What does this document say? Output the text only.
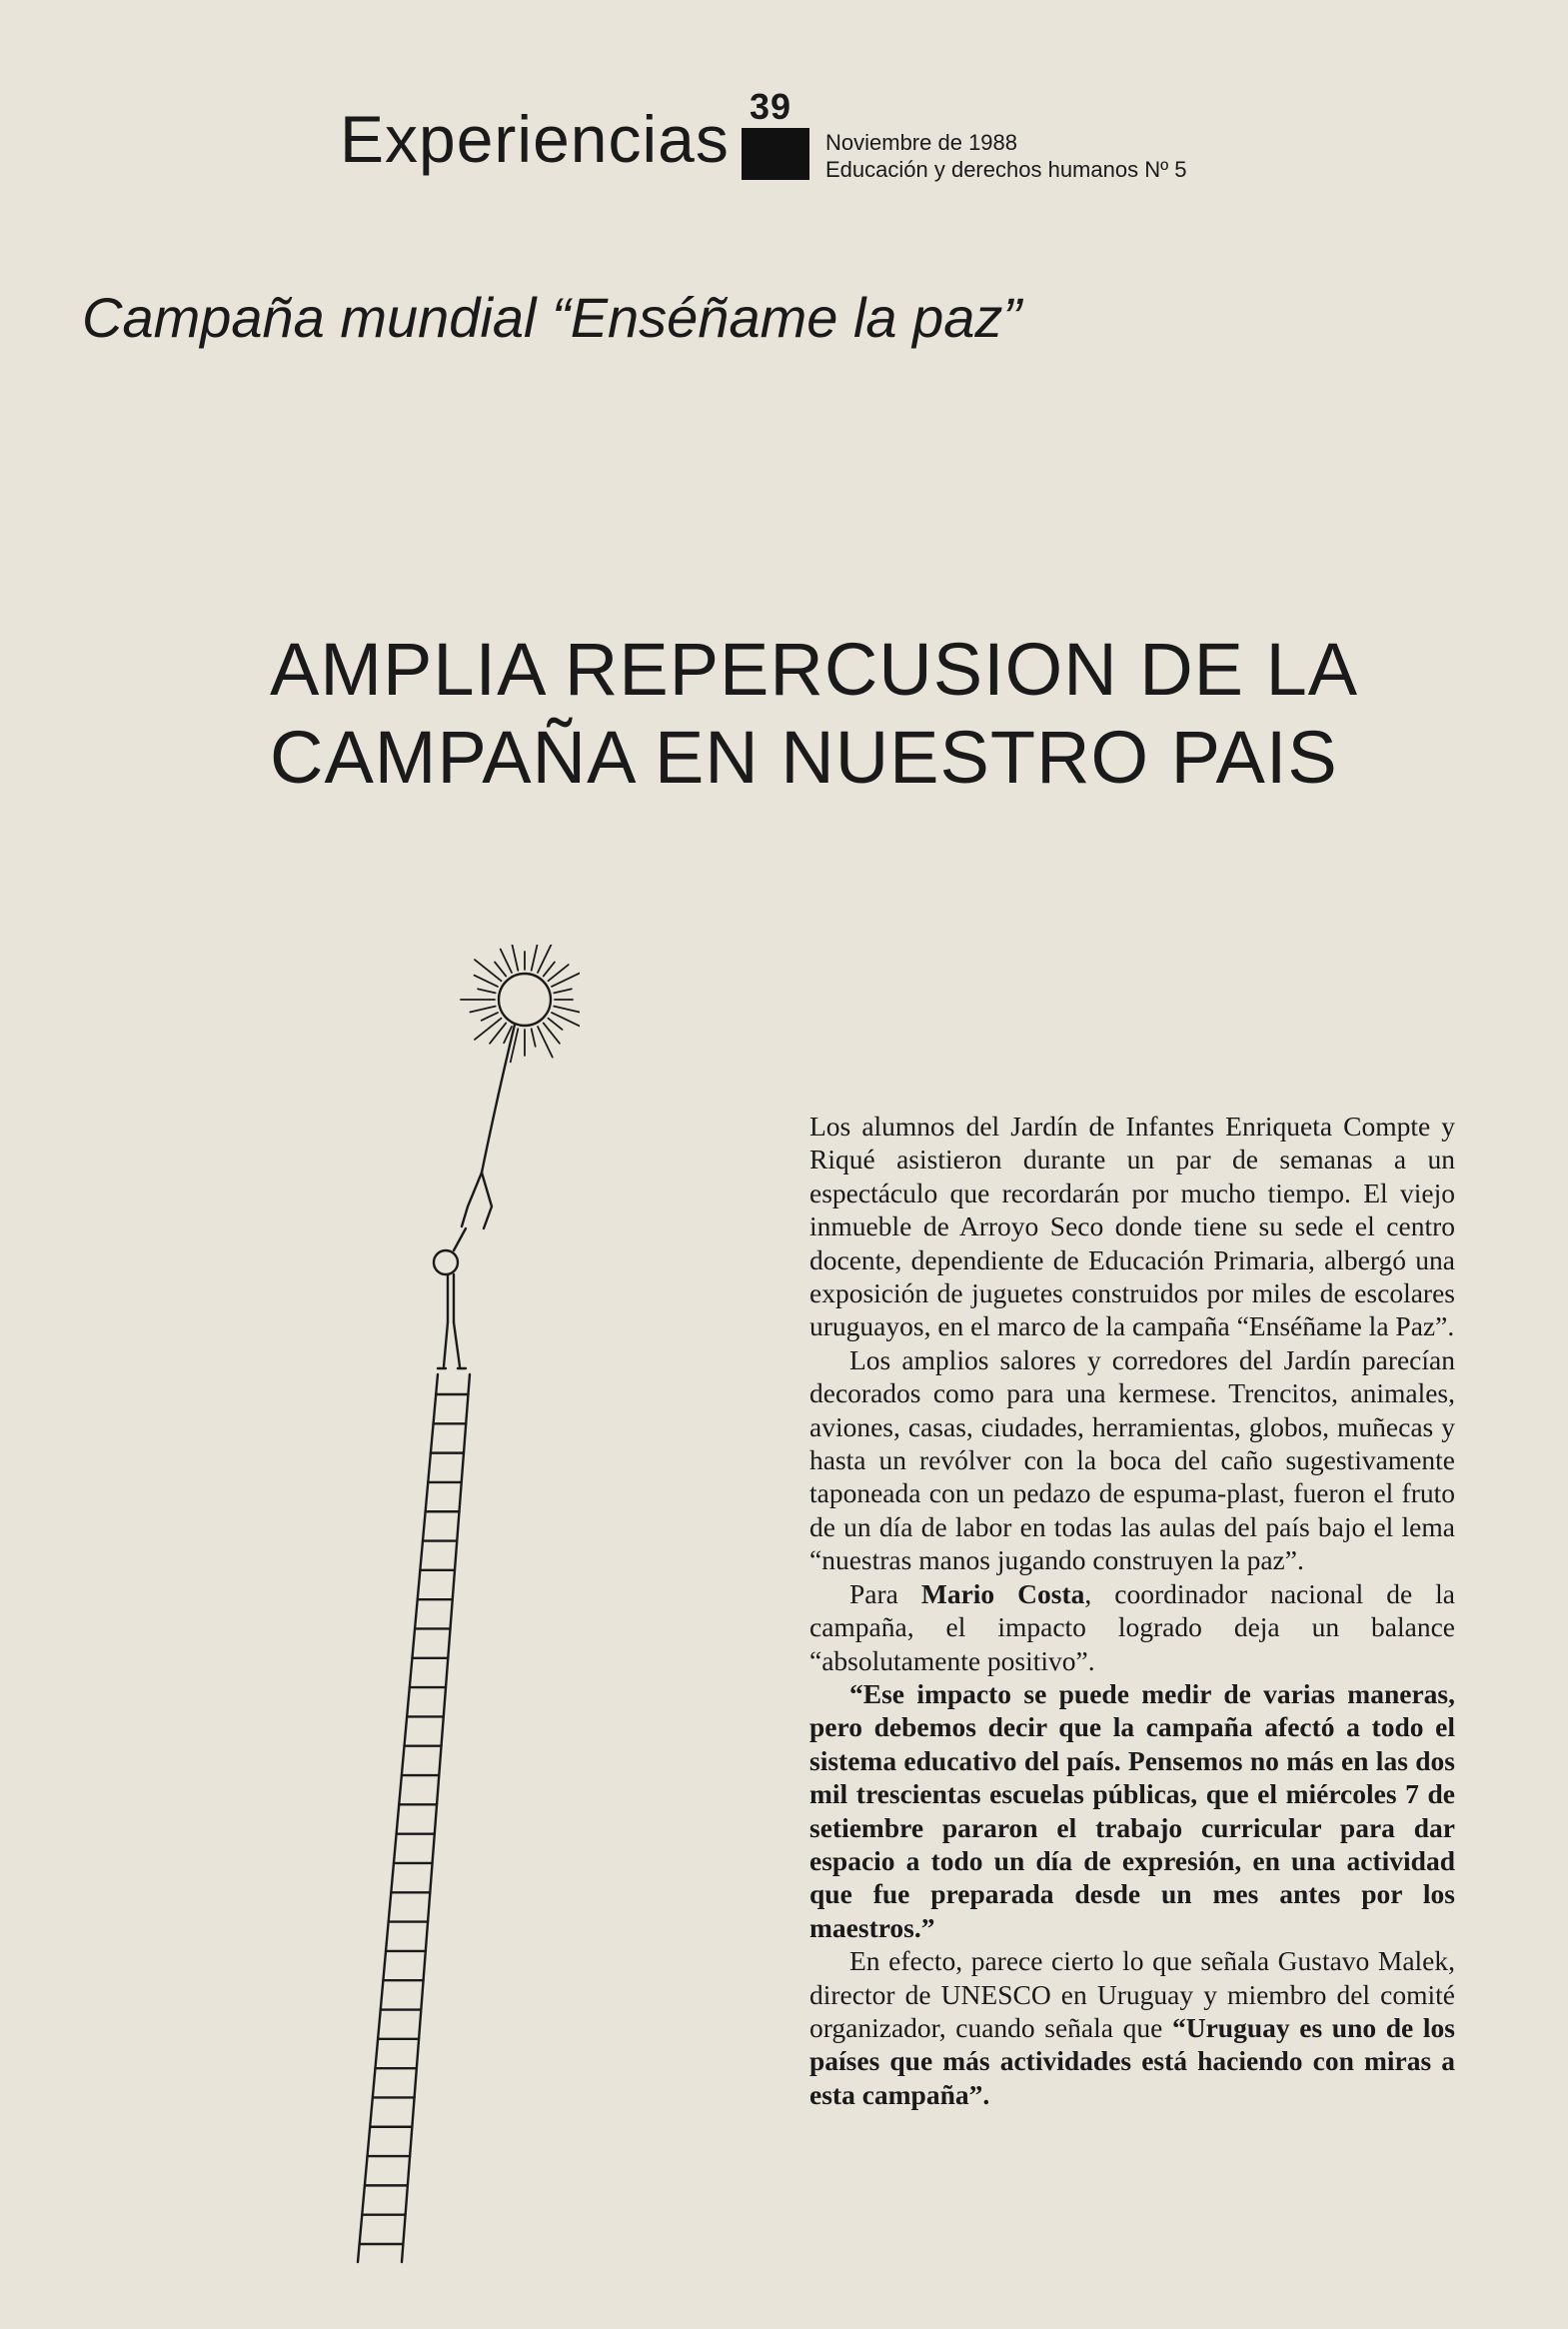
39
Experiencias	Noviembre de 1988
Educación y derechos humanos Nº 5
Campaña mundial “Enséñame la paz”
AMPLIA REPERCUSION DE LA
CAMPAÑA EN NUESTRO PAIS

Los alumnos del Jardín de Infantes Enriqueta Compte y Riqué asistieron durante un par de semanas a un espectáculo que recordarán por mucho tiempo. El viejo inmueble de Arroyo Seco donde tiene su sede el centro docente, dependiente de Educación Primaria, albergó una exposición de juguetes construidos por miles de escolares uruguayos, en el marco de la campaña “Enséñame la Paz”.

Los amplios salores y corredores del Jardín parecían decorados como para una kermese. Trencitos, animales, aviones, casas, ciudades, herramientas, globos, muñecas y hasta un revólver con la boca del caño sugestivamente taponeada con un pedazo de espuma-plast, fueron el fruto de un día de labor en todas las aulas del país bajo el lema “nuestras manos jugando construyen la paz”.

Para Mario Costa, coordinador nacional de la campaña, el impacto logrado deja un balance “absolutamente positivo”.

“Ese impacto se puede medir de varias maneras, pero debemos decir que la campaña afectó a todo el sistema educativo del país. Pensemos no más en las dos mil trescientas escuelas públicas, que el miércoles 7 de setiembre pararon el trabajo curricular para dar espacio a todo un día de expresión, en una actividad que fue preparada desde un mes antes por los maestros.”

En efecto, parece cierto lo que señala Gustavo Malek, director de UNESCO en Uruguay y miembro del comité organizador, cuando señala que “Uruguay es uno de los países que más actividades está haciendo con miras a esta campaña”.
